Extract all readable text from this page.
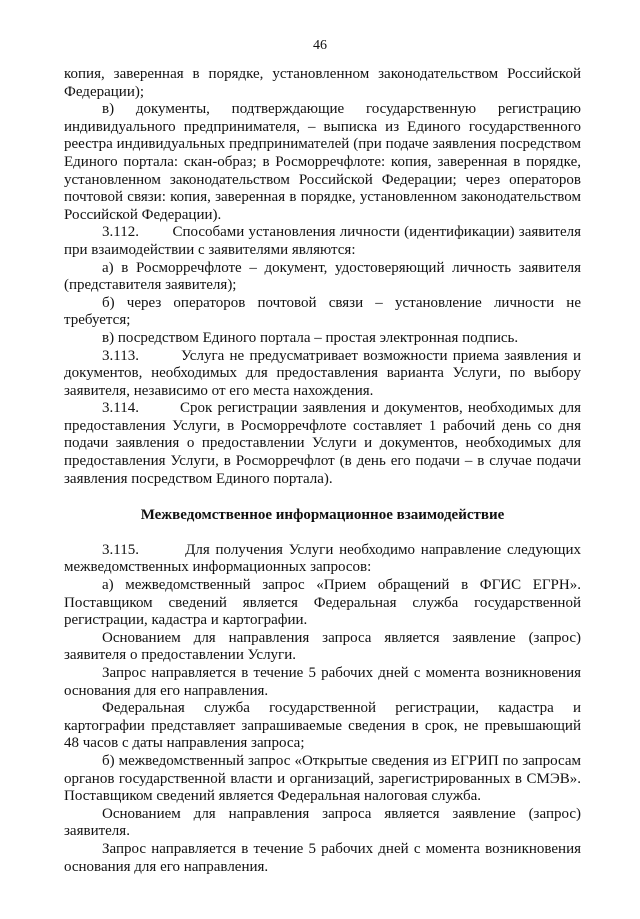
46

копия, заверенная в порядке, установленном законодательством Российской Федерации);

в) документы, подтверждающие государственную регистрацию индивидуального предпринимателя, – выписка из Единого государственного реестра индивидуальных предпринимателей (при подаче заявления посредством Единого портала: скан-образ; в Росморречфлоте: копия, заверенная в порядке, установленном законодательством Российской Федерации; через операторов почтовой связи: копия, заверенная в порядке, установленном законодательством Российской Федерации).

3.112.        Способами установления личности (идентификации) заявителя при взаимодействии с заявителями являются:

а) в Росморречфлоте – документ, удостоверяющий личность заявителя (представителя заявителя);

б) через операторов почтовой связи – установление личности не требуется;

в) посредством Единого портала – простая электронная подпись.

3.113.        Услуга не предусматривает возможности приема заявления и документов, необходимых для предоставления варианта Услуги, по выбору заявителя, независимо от его места нахождения.

3.114.        Срок регистрации заявления и документов, необходимых для предоставления Услуги, в Росморречфлоте составляет 1 рабочий день со дня подачи заявления о предоставлении Услуги и документов, необходимых для предоставления Услуги, в Росморречфлот (в день его подачи – в случае подачи заявления посредством Единого портала).

Межведомственное информационное взаимодействие

3.115.        Для получения Услуги необходимо направление следующих межведомственных информационных запросов:

а) межведомственный запрос «Прием обращений в ФГИС ЕГРН». Поставщиком сведений является Федеральная служба государственной регистрации, кадастра и картографии.

Основанием для направления запроса является заявление (запрос) заявителя о предоставлении Услуги.

Запрос направляется в течение 5 рабочих дней с момента возникновения основания для его направления.

Федеральная служба государственной регистрации, кадастра и картографии представляет запрашиваемые сведения в срок, не превышающий 48 часов с даты направления запроса;

б) межведомственный запрос «Открытые сведения из ЕГРИП по запросам органов государственной власти и организаций, зарегистрированных в СМЭВ». Поставщиком сведений является Федеральная налоговая служба.

Основанием для направления запроса является заявление (запрос) заявителя.

Запрос направляется в течение 5 рабочих дней с момента возникновения основания для его направления.
